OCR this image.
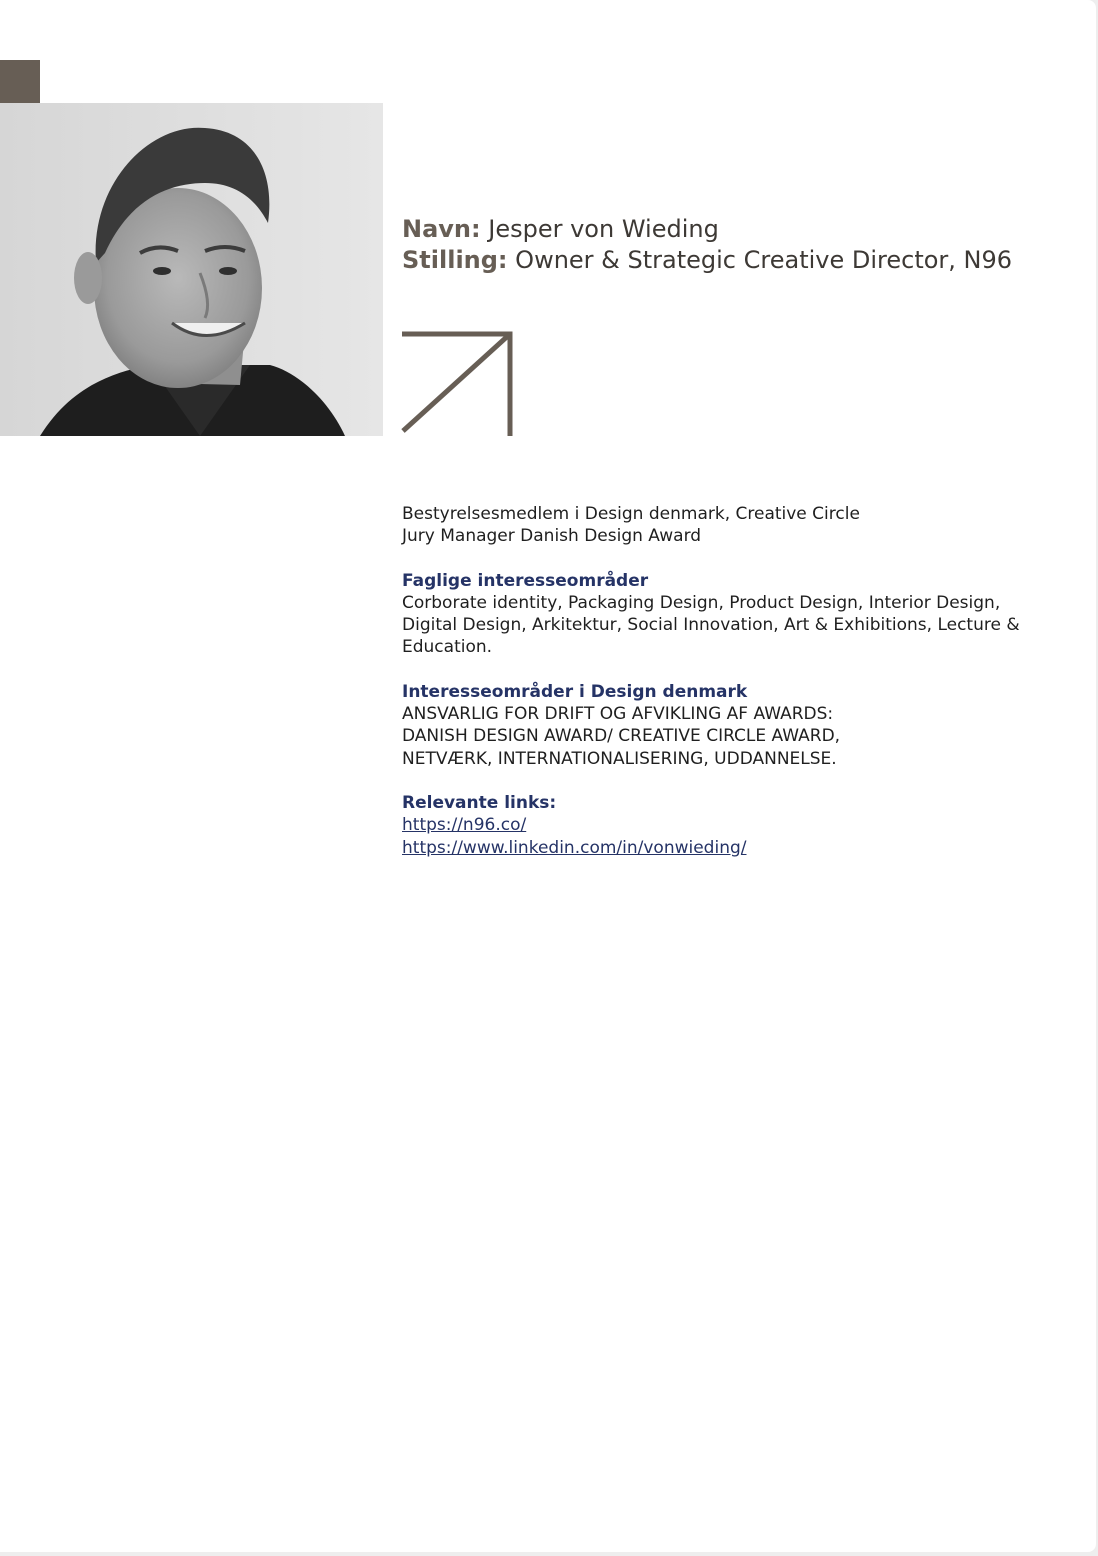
Navn: Jesper von Wieding
Stilling: Owner & Strategic Creative Director, N96

Bestyrelsesmedlem i Design denmark, Creative Circle

Jury Manager Danish Design Award

Faglige interesseområder

Corborate identity, Packaging Design, Product Design, Interior Design, Digital Design, Arkitektur, Social Innovation, Art & Exhibitions, Lecture & Education.

Interesseområder i Design denmark

ANSVARLIG FOR DRIFT OG AFVIKLING AF AWARDS:

DANISH DESIGN AWARD/ CREATIVE CIRCLE AWARD,

NETVÆRK, INTERNATIONALISERING, UDDANNELSE.

Relevante links:

https://n96.co/
https://www.linkedin.com/in/vonwieding/
